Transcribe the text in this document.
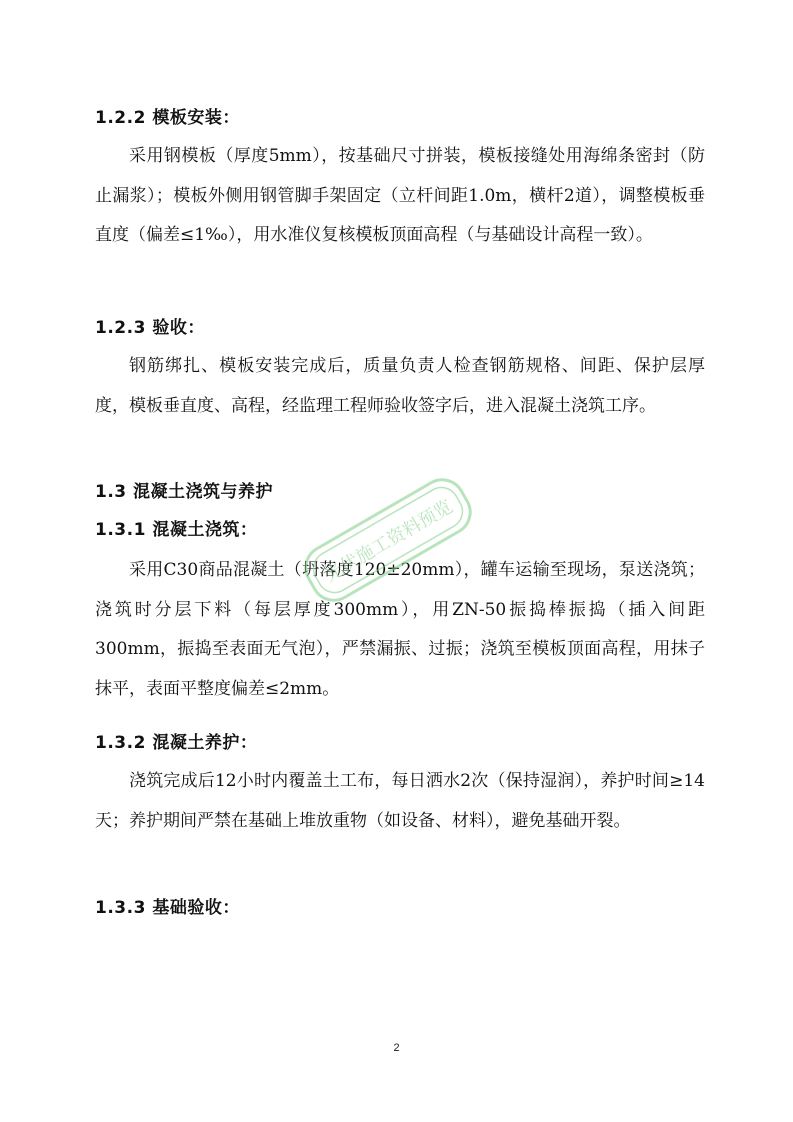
1.2.2 模板安装：
采用钢模板（厚度5mm），按基础尺寸拼装，模板接缝处用海绵条密封（防止漏浆）；模板外侧用钢管脚手架固定（立杆间距1.0m，横杆2道），调整模板垂直度（偏差≤1‰），用水准仪复核模板顶面高程（与基础设计高程一致）。
1.2.3 验收：
钢筋绑扎、模板安装完成后，质量负责人检查钢筋规格、间距、保护层厚度，模板垂直度、高程，经监理工程师验收签字后，进入混凝土浇筑工序。
1.3 混凝土浇筑与养护
1.3.1 混凝土浇筑：
采用C30商品混凝土（坍落度120±20mm），罐车运输至现场，泵送浇筑；浇筑时分层下料（每层厚度300mm），用ZN-50振捣棒振捣（插入间距300mm，振捣至表面无气泡），严禁漏振、过振；浇筑至模板顶面高程，用抹子抹平，表面平整度偏差≤2mm。
1.3.2 混凝土养护：
浇筑完成后12小时内覆盖土工布，每日洒水2次（保持湿润），养护时间≥14天；养护期间严禁在基础上堆放重物（如设备、材料），避免基础开裂。
1.3.3 基础验收：
2
光伏施工资料预览
